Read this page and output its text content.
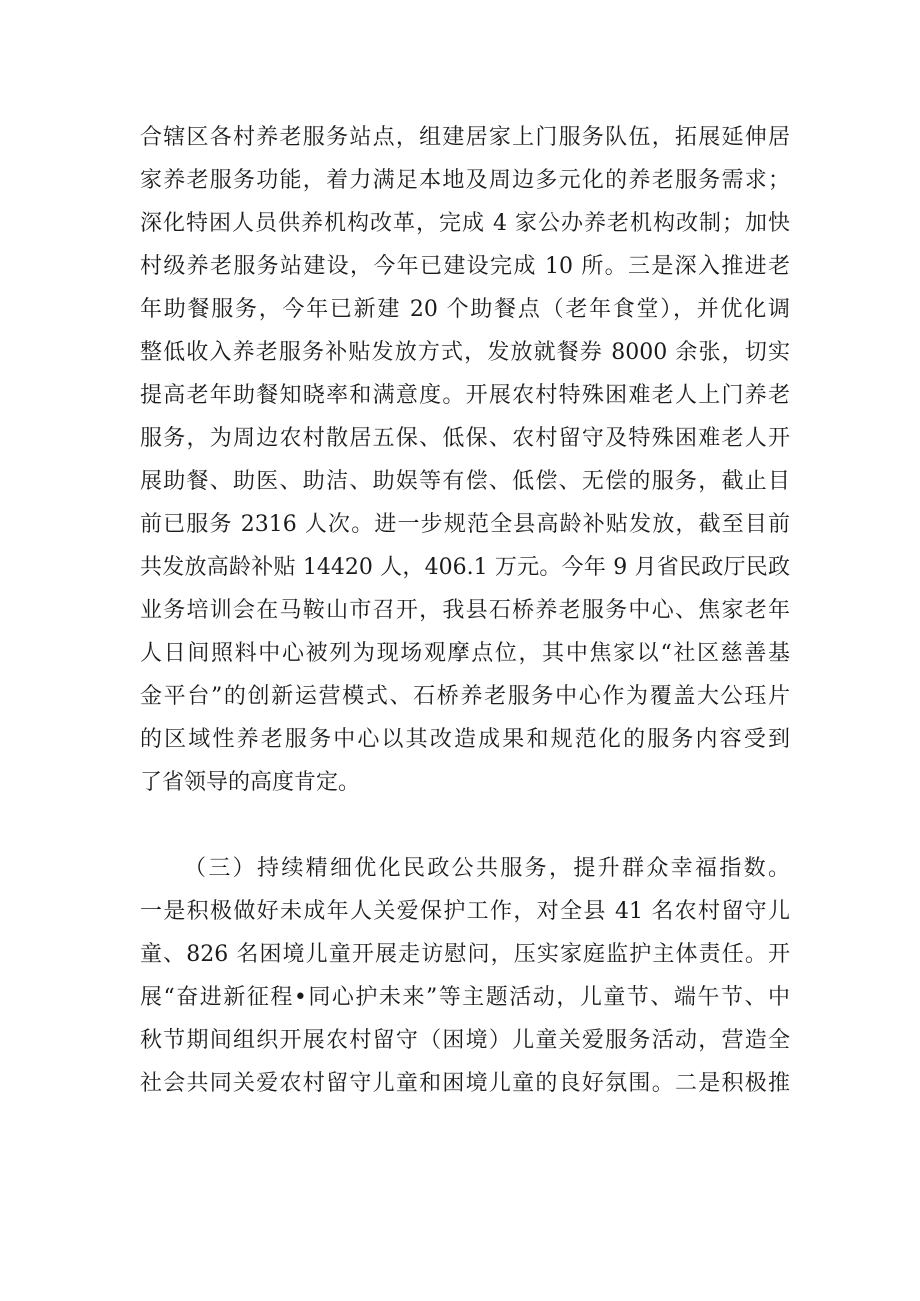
合辖区各村养老服务站点，组建居家上门服务队伍，拓展延伸居
家养老服务功能，着力满足本地及周边多元化的养老服务需求；
深化特困人员供养机构改革，完成 4 家公办养老机构改制；加快
村级养老服务站建设，今年已建设完成 10 所。三是深入推进老
年助餐服务，今年已新建 20 个助餐点（老年食堂），并优化调
整低收入养老服务补贴发放方式，发放就餐券 8000 余张，切实
提高老年助餐知晓率和满意度。开展农村特殊困难老人上门养老
服务，为周边农村散居五保、低保、农村留守及特殊困难老人开
展助餐、助医、助洁、助娱等有偿、低偿、无偿的服务，截止目
前已服务 2316 人次。进一步规范全县高龄补贴发放，截至目前
共发放高龄补贴 14420 人，406.1 万元。今年 9 月省民政厅民政
业务培训会在马鞍山市召开，我县石桥养老服务中心、焦家老年
人日间照料中心被列为现场观摩点位，其中焦家以“社区慈善基
金平台”的创新运营模式、石桥养老服务中心作为覆盖大公珏片
的区域性养老服务中心以其改造成果和规范化的服务内容受到
了省领导的高度肯定。
（三）持续精细优化民政公共服务，提升群众幸福指数。
一是积极做好未成年人关爱保护工作，对全县 41 名农村留守儿
童、826 名困境儿童开展走访慰问，压实家庭监护主体责任。开
展“奋进新征程•同心护未来”等主题活动，儿童节、端午节、中
秋节期间组织开展农村留守（困境）儿童关爱服务活动，营造全
社会共同关爱农村留守儿童和困境儿童的良好氛围。二是积极推
